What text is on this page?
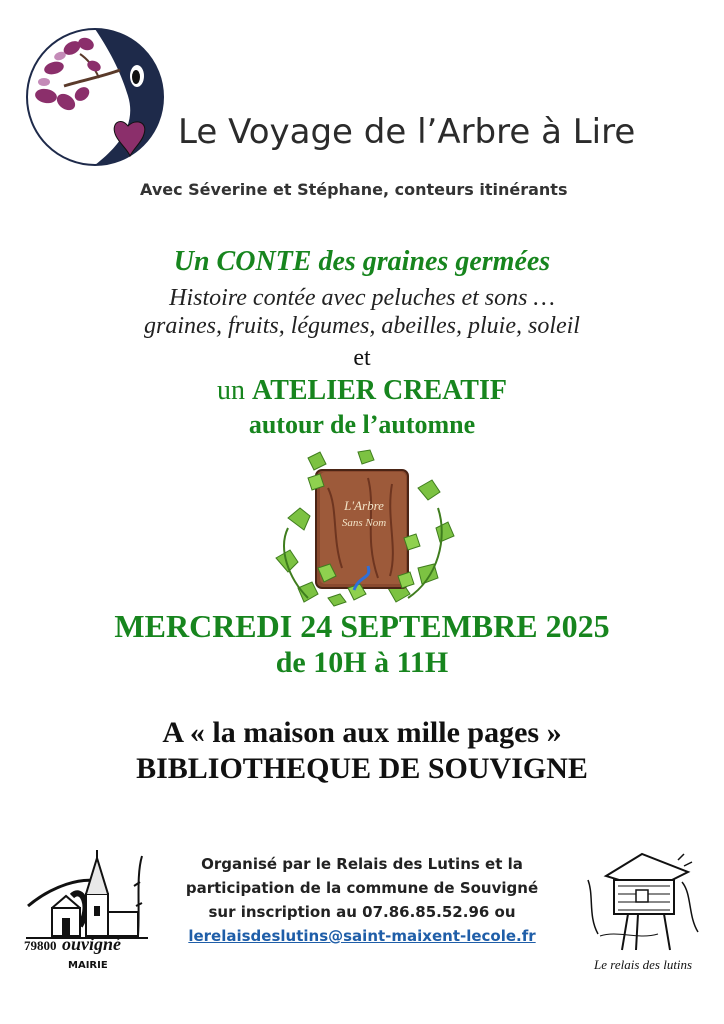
Le Voyage de l’Arbre à Lire
Avec Séverine et Stéphane, conteurs itinérants
Un CONTE des graines germées
Histoire contée avec peluches et sons …
graines, fruits, légumes, abeilles, pluie, soleil
et
un ATELIER CREATIF
autour de l’automne
L'Arbre
Sans Nom
MERCREDI 24 SEPTEMBRE 2025
de 10H à 11H
A « la maison aux mille pages »
BIBLIOTHEQUE DE SOUVIGNE
79800 ouvigné
MAIRIE
Organisé par le Relais des Lutins et la
participation de la commune de Souvigné
sur inscription au 07.86.85.52.96 ou
lerelaisdeslutins@saint-maixent-lecole.fr
Le relais des lutins
